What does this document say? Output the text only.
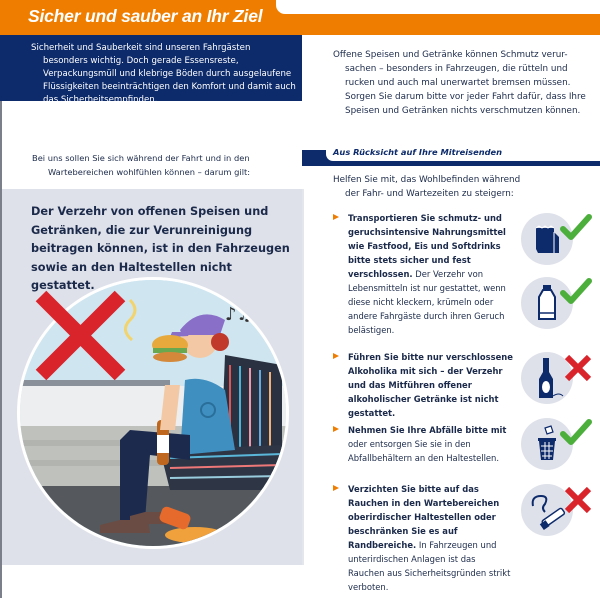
Sicher und sauber an Ihr Ziel
Sicherheit und Sauberkeit sind unseren Fahrgästen besonders wichtig. Doch gerade Essensreste, Verpackungsmüll und klebrige Böden durch ausgelaufene Flüssigkeiten beeinträchtigen den Komfort und damit auch das Sicherheitsempfinden.
Offene Speisen und Getränke können Schmutz verur- sachen – besonders in Fahrzeugen, die rütteln und rucken und auch mal unerwartet bremsen müssen. Sorgen Sie darum bitte vor jeder Fahrt dafür, dass Ihre Speisen und Getränken nichts verschmutzen können.
Bei uns sollen Sie sich während der Fahrt und in den
Wartebereichen wohlfühlen können – darum gilt:
Der Verzehr von offenen Speisen und Getränken, die zur Verunreinigung beitragen können, ist in den Fahrzeugen sowie an den Haltestellen nicht gestattet.
♪♫
Aus Rücksicht auf Ihre Mitreisenden
Helfen Sie mit, das Wohlbefinden während
der Fahr- und Wartezeiten zu steigern:
Transportieren Sie schmutz- und geruchsintensive Nahrungsmittel wie Fastfood, Eis und Softdrinks bitte stets sicher und fest verschlossen. Der Verzehr von Lebensmitteln ist nur gestattet, wenn diese nicht kleckern, krümeln oder andere Fahrgäste durch ihren Geruch belästigen.
Führen Sie bitte nur verschlossene Alkoholika mit sich – der Verzehr und das Mitführen offener alkoholischer Getränke ist nicht gestattet.
Nehmen Sie Ihre Abfälle bitte mit oder entsorgen Sie sie in den Abfallbehältern an den Haltestellen.
Verzichten Sie bitte auf das Rauchen in den Wartebereichen oberirdischer Haltestellen oder beschränken Sie es auf Randbereiche. In Fahrzeugen und unterirdischen Anlagen ist das Rauchen aus Sicherheitsgründen strikt verboten.
